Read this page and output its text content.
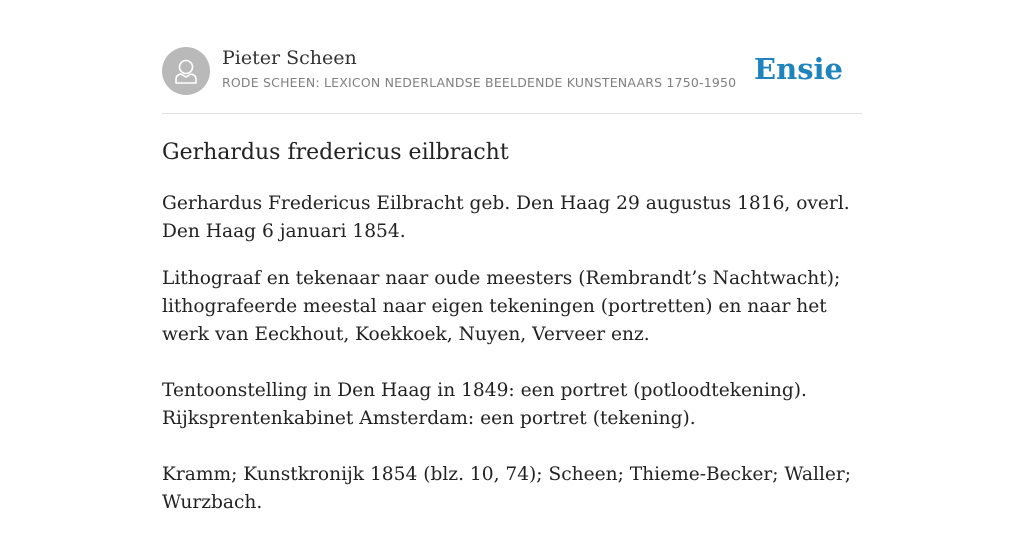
Pieter Scheen
RODE SCHEEN: LEXICON NEDERLANDSE BEELDENDE KUNSTENAARS 1750-1950 Ensie
Gerhardus fredericus eilbracht

Gerhardus Fredericus Eilbracht geb. Den Haag 29 augustus 1816, overl. Den Haag 6 januari 1854.

Lithograaf en tekenaar naar oude meesters (Rembrandt’s Nachtwacht); lithografeerde meestal naar eigen tekeningen (portretten) en naar het werk van Eeckhout, Koekkoek, Nuyen, Verveer enz.

Tentoonstelling in Den Haag in 1849: een portret (potloodtekening).
Rijksprentenkabinet Amsterdam: een portret (tekening).

Kramm; Kunstkronijk 1854 (blz. 10, 74); Scheen; Thieme-Becker; Waller; Wurzbach.
